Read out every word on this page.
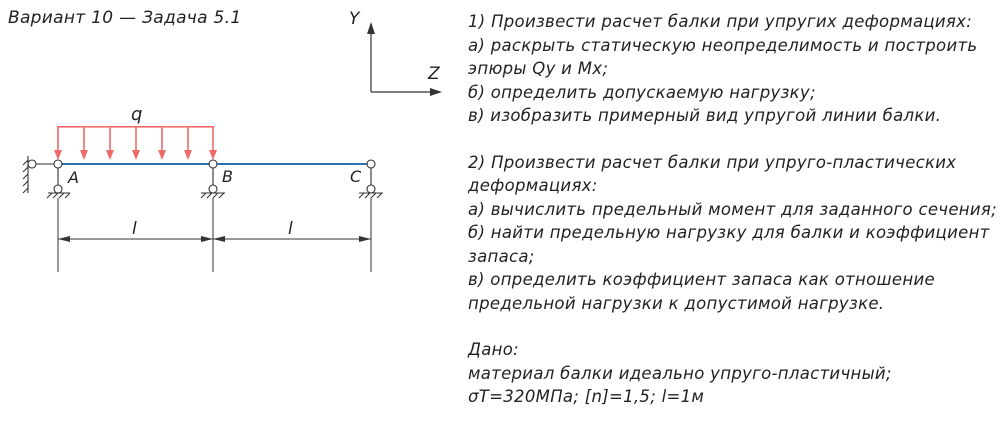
Вариант 10 — Задача 5.1	Y
Z
q
A	B	C
l	l

1) Произвести расчет балки при упругих деформациях:

а) раскрыть статическую неопределимость и построить

эпюры Qy и Mx;

б) определить допускаемую нагрузку;

в) изобразить примерный вид упругой линии балки.

2) Произвести расчет балки при упруго-пластических

деформациях:

а) вычислить предельный момент для заданного сечения;

б) найти предельную нагрузку для балки и коэффициент

запаса;

в) определить коэффициент запаса как отношение

предельной нагрузки к допустимой нагрузке.

Дано:

материал балки идеально упруго-пластичный;

σT=320МПа; [n]=1,5; l=1м
